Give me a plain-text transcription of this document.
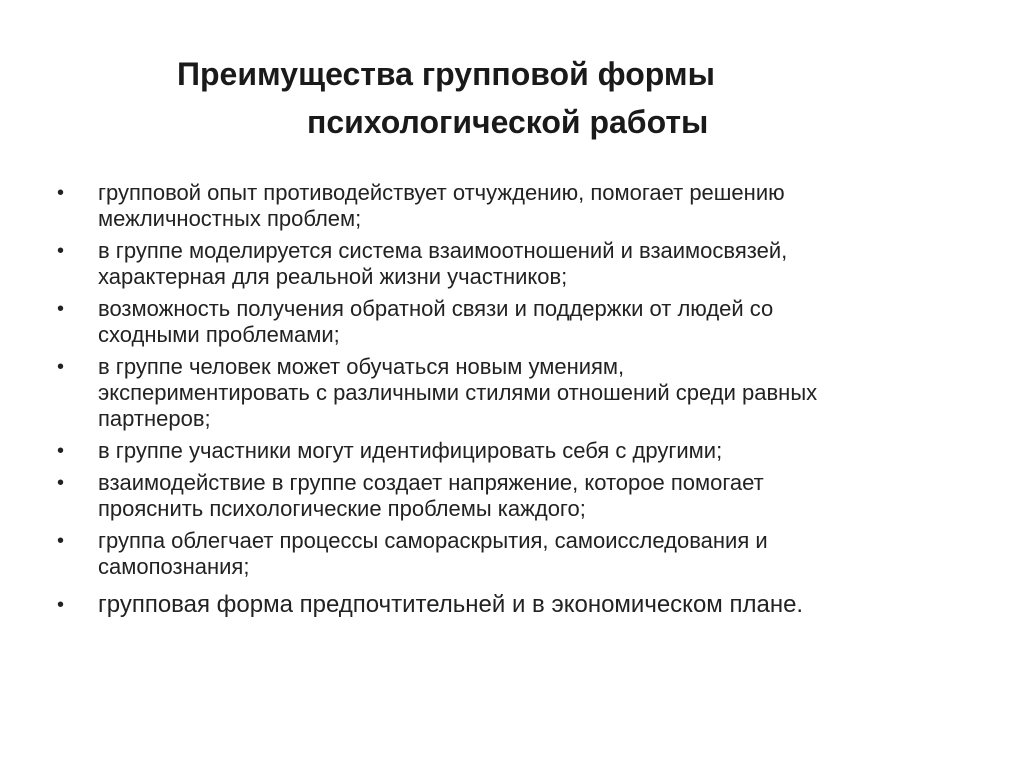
Преимущества групповой формы
психологической работы
•	групповой опыт противодействует отчуждению, помогает решению
межличностных проблем;
•	в группе моделируется система взаимоотношений и взаимосвязей,
характерная для реальной жизни участников;
•	возможность получения обратной связи и поддержки от людей со
сходными проблемами;
•	в группе человек может обучаться новым умениям,
экспериментировать с различными стилями отношений среди равных
партнеров;
•	в группе участники могут идентифицировать себя с другими;
•	взаимодействие в группе создает напряжение, которое помогает
прояснить психологические проблемы каждого;
•	группа облегчает процессы самораскрытия, самоисследования и
самопознания;
•	групповая форма предпочтительней и в экономическом плане.
